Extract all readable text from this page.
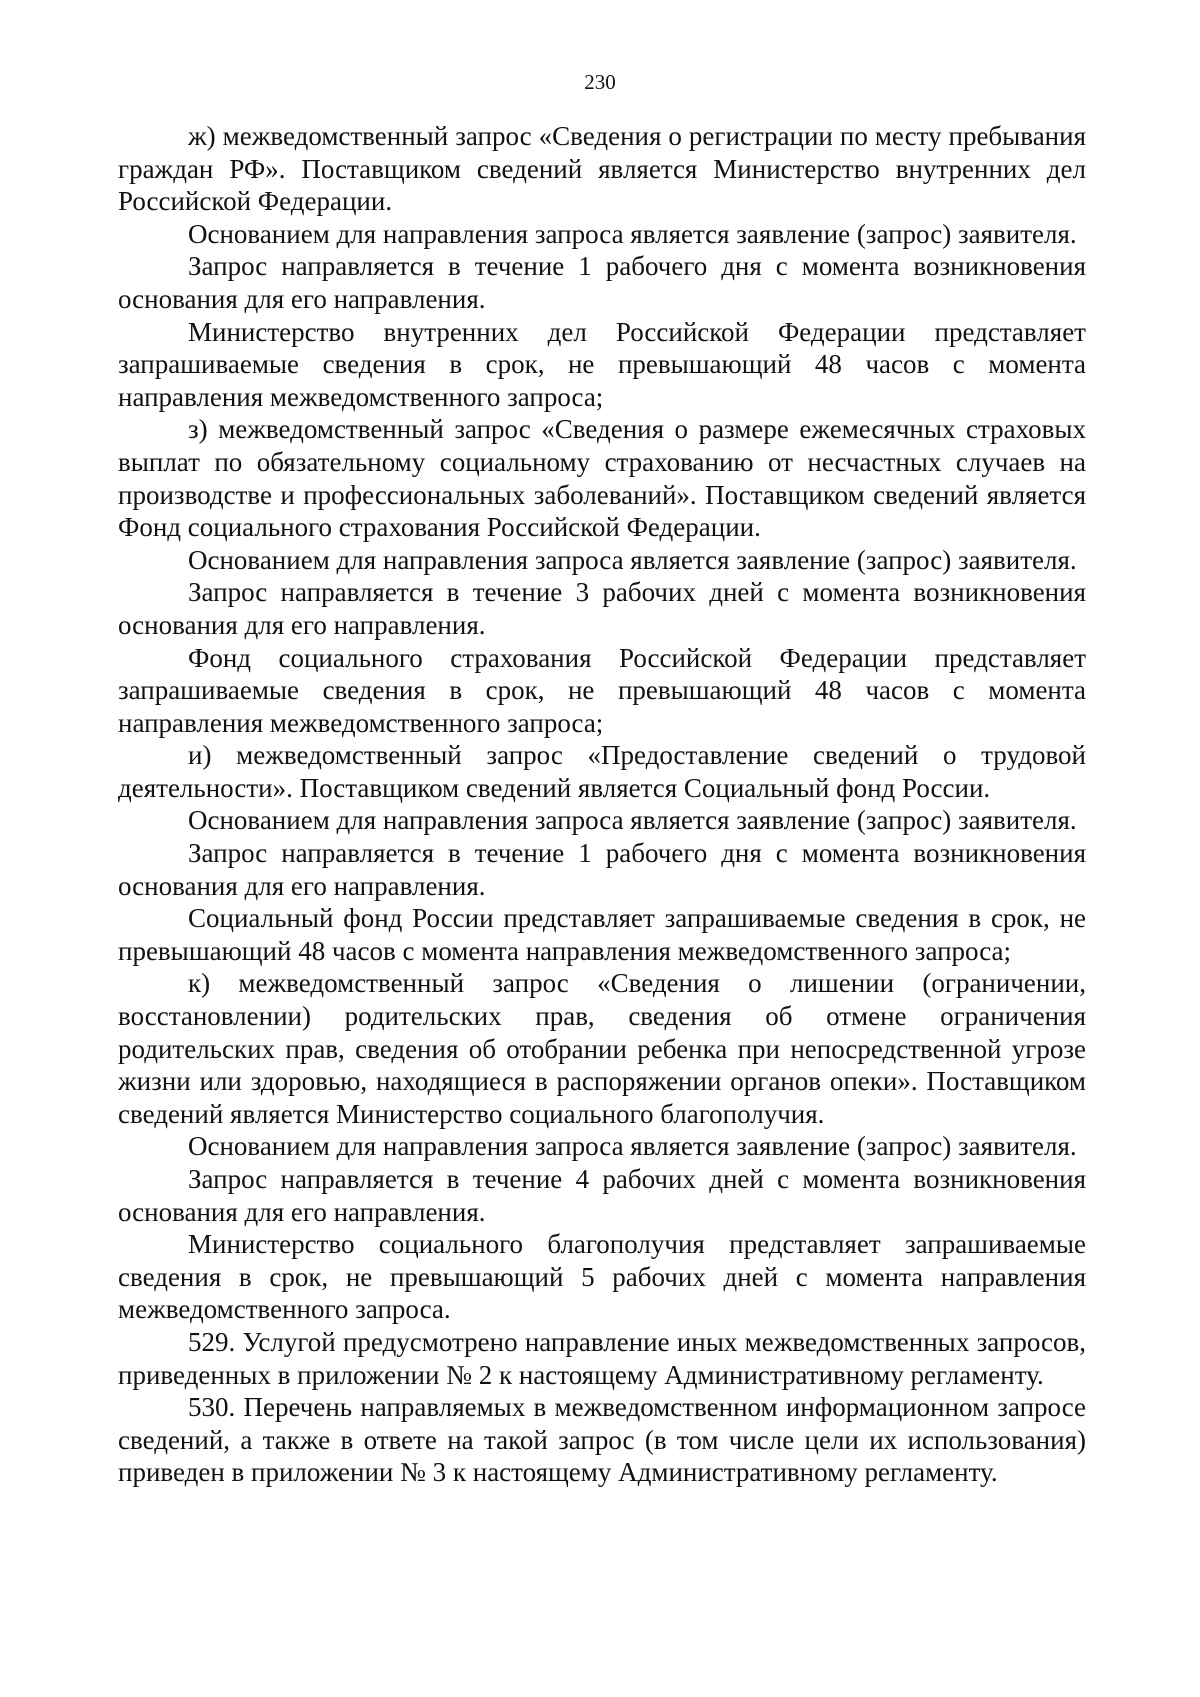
230

ж) межведомственный запрос «Сведения о регистрации по месту пребывания граждан РФ». Поставщиком сведений является Министерство внутренних дел Российской Федерации.

Основанием для направления запроса является заявление (запрос) заявителя.

Запрос направляется в течение 1 рабочего дня с момента возникновения основания для его направления.

Министерство внутренних дел Российской Федерации представляет запрашиваемые сведения в срок, не превышающий 48 часов с момента направления межведомственного запроса;

з) межведомственный запрос «Сведения о размере ежемесячных страховых выплат по обязательному социальному страхованию от несчастных случаев на производстве и профессиональных заболеваний». Поставщиком сведений является Фонд социального страхования Российской Федерации.

Основанием для направления запроса является заявление (запрос) заявителя.

Запрос направляется в течение 3 рабочих дней с момента возникновения основания для его направления.

Фонд социального страхования Российской Федерации представляет запрашиваемые сведения в срок, не превышающий 48 часов с момента направления межведомственного запроса;

и) межведомственный запрос «Предоставление сведений о трудовой деятельности». Поставщиком сведений является Социальный фонд России.

Основанием для направления запроса является заявление (запрос) заявителя.

Запрос направляется в течение 1 рабочего дня с момента возникновения основания для его направления.

Социальный фонд России представляет запрашиваемые сведения в срок, не превышающий 48 часов с момента направления межведомственного запроса;

к) межведомственный запрос «Сведения о лишении (ограничении, восстановлении) родительских прав, сведения об отмене ограничения родительских прав, сведения об отобрании ребенка при непосредственной угрозе жизни или здоровью, находящиеся в распоряжении органов опеки». Поставщиком сведений является Министерство социального благополучия.

Основанием для направления запроса является заявление (запрос) заявителя.

Запрос направляется в течение 4 рабочих дней с момента возникновения основания для его направления.

Министерство социального благополучия представляет запрашиваемые сведения в срок, не превышающий 5 рабочих дней с момента направления межведомственного запроса.

529. Услугой предусмотрено направление иных межведомственных запросов, приведенных в приложении № 2 к настоящему Административному регламенту.

530. Перечень направляемых в межведомственном информационном запросе сведений, а также в ответе на такой запрос (в том числе цели их использования) приведен в приложении № 3 к настоящему Административному регламенту.
